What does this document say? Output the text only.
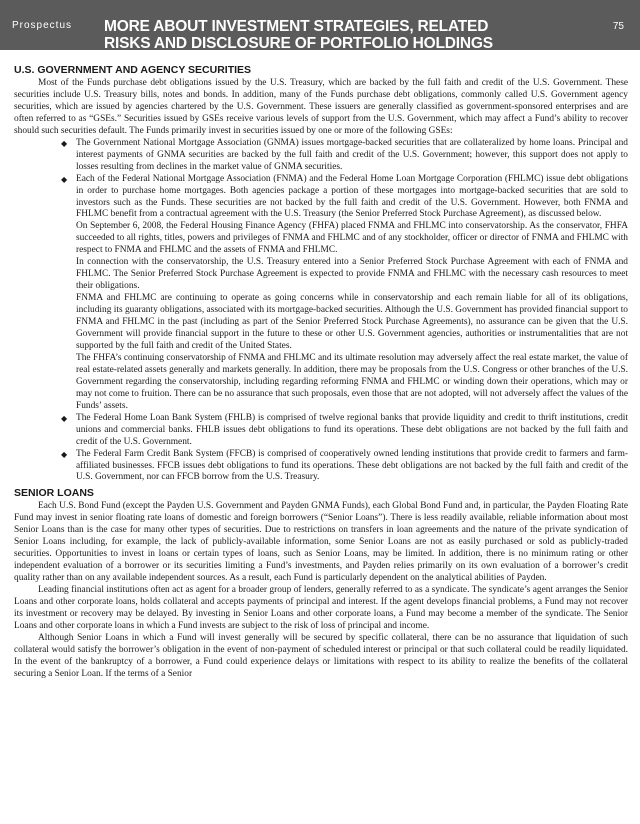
Prospectus MORE ABOUT INVESTMENT STRATEGIES, RELATED RISKS AND DISCLOSURE OF PORTFOLIO HOLDINGS
75
U.S. GOVERNMENT AND AGENCY SECURITIES

Most of the Funds purchase debt obligations issued by the U.S. Treasury, which are backed by the full faith and credit of the U.S. Government. These securities include U.S. Treasury bills, notes and bonds. In addition, many of the Funds purchase debt obligations, commonly called U.S. Government agency securities, which are issued by agencies chartered by the U.S. Government. These issuers are generally classified as government-sponsored enterprises and are often referred to as “GSEs.” Securities issued by GSEs receive various levels of support from the U.S. Government, which may affect a Fund’s ability to recover should such securities default. The Funds primarily invest in securities issued by one or more of the following GSEs:

◆ The Government National Mortgage Association (GNMA) issues mortgage-backed securities that are collateralized by home loans. Principal and interest payments of GNMA securities are backed by the full faith and credit of the U.S. Government; however, this support does not apply to losses resulting from declines in the market value of GNMA securities.
◆ Each of the Federal National Mortgage Association (FNMA) and the Federal Home Loan Mortgage Corporation (FHLMC) issue debt obligations in order to purchase home mortgages. Both agencies package a portion of these mortgages into mortgage-backed securities that are sold to investors such as the Funds. These securities are not backed by the full faith and credit of the U.S. Government. However, both FNMA and FHLMC benefit from a contractual agreement with the U.S. Treasury (the Senior Preferred Stock Purchase Agreement), as discussed below.
On September 6, 2008, the Federal Housing Finance Agency (FHFA) placed FNMA and FHLMC into conservatorship. As the conservator, FHFA succeeded to all rights, titles, powers and privileges of FNMA and FHLMC and of any stockholder, officer or director of FNMA and FHLMC with respect to FNMA and FHLMC and the assets of FNMA and FHLMC.
In connection with the conservatorship, the U.S. Treasury entered into a Senior Preferred Stock Purchase Agreement with each of FNMA and FHLMC. The Senior Preferred Stock Purchase Agreement is expected to provide FNMA and FHLMC with the necessary cash resources to meet their obligations.
FNMA and FHLMC are continuing to operate as going concerns while in conservatorship and each remain liable for all of its obligations, including its guaranty obligations, associated with its mortgage-backed securities. Although the U.S. Government has provided financial support to FNMA and FHLMC in the past (including as part of the Senior Preferred Stock Purchase Agreements), no assurance can be given that the U.S. Government will provide financial support in the future to these or other U.S. Government agencies, authorities or instrumentalities that are not supported by the full faith and credit of the United States.
The FHFA’s continuing conservatorship of FNMA and FHLMC and its ultimate resolution may adversely affect the real estate market, the value of real estate-related assets generally and markets generally. In addition, there may be proposals from the U.S. Congress or other branches of the U.S. Government regarding the conservatorship, including regarding reforming FNMA and FHLMC or winding down their operations, which may or may not come to fruition. There can be no assurance that such proposals, even those that are not adopted, will not adversely affect the values of the Funds’ assets.
◆ The Federal Home Loan Bank System (FHLB) is comprised of twelve regional banks that provide liquidity and credit to thrift institutions, credit unions and commercial banks. FHLB issues debt obligations to fund its operations. These debt obligations are not backed by the full faith and credit of the U.S. Government.
◆ The Federal Farm Credit Bank System (FFCB) is comprised of cooperatively owned lending institutions that provide credit to farmers and farm-affiliated businesses. FFCB issues debt obligations to fund its operations. These debt obligations are not backed by the full faith and credit of the U.S. Government, nor can FFCB borrow from the U.S. Treasury.
SENIOR LOANS

Each U.S. Bond Fund (except the Payden U.S. Government and Payden GNMA Funds), each Global Bond Fund and, in particular, the Payden Floating Rate Fund may invest in senior floating rate loans of domestic and foreign borrowers (“Senior Loans”). There is less readily available, reliable information about most Senior Loans than is the case for many other types of securities. Due to restrictions on transfers in loan agreements and the nature of the private syndication of Senior Loans including, for example, the lack of publicly-available information, some Senior Loans are not as easily purchased or sold as publicly-traded securities. Opportunities to invest in loans or certain types of loans, such as Senior Loans, may be limited. In addition, there is no minimum rating or other independent evaluation of a borrower or its securities limiting a Fund’s investments, and Payden relies primarily on its own evaluation of a borrower’s credit quality rather than on any available independent sources. As a result, each Fund is particularly dependent on the analytical abilities of Payden.

Leading financial institutions often act as agent for a broader group of lenders, generally referred to as a syndicate. The syndicate’s agent arranges the Senior Loans and other corporate loans, holds collateral and accepts payments of principal and interest. If the agent develops financial problems, a Fund may not recover its investment or recovery may be delayed. By investing in Senior Loans and other corporate loans, a Fund may become a member of the syndicate. The Senior Loans and other corporate loans in which a Fund invests are subject to the risk of loss of principal and income.

Although Senior Loans in which a Fund will invest generally will be secured by specific collateral, there can be no assurance that liquidation of such collateral would satisfy the borrower’s obligation in the event of non-payment of scheduled interest or principal or that such collateral could be readily liquidated. In the event of the bankruptcy of a borrower, a Fund could experience delays or limitations with respect to its ability to realize the benefits of the collateral securing a Senior Loan. If the terms of a Senior
